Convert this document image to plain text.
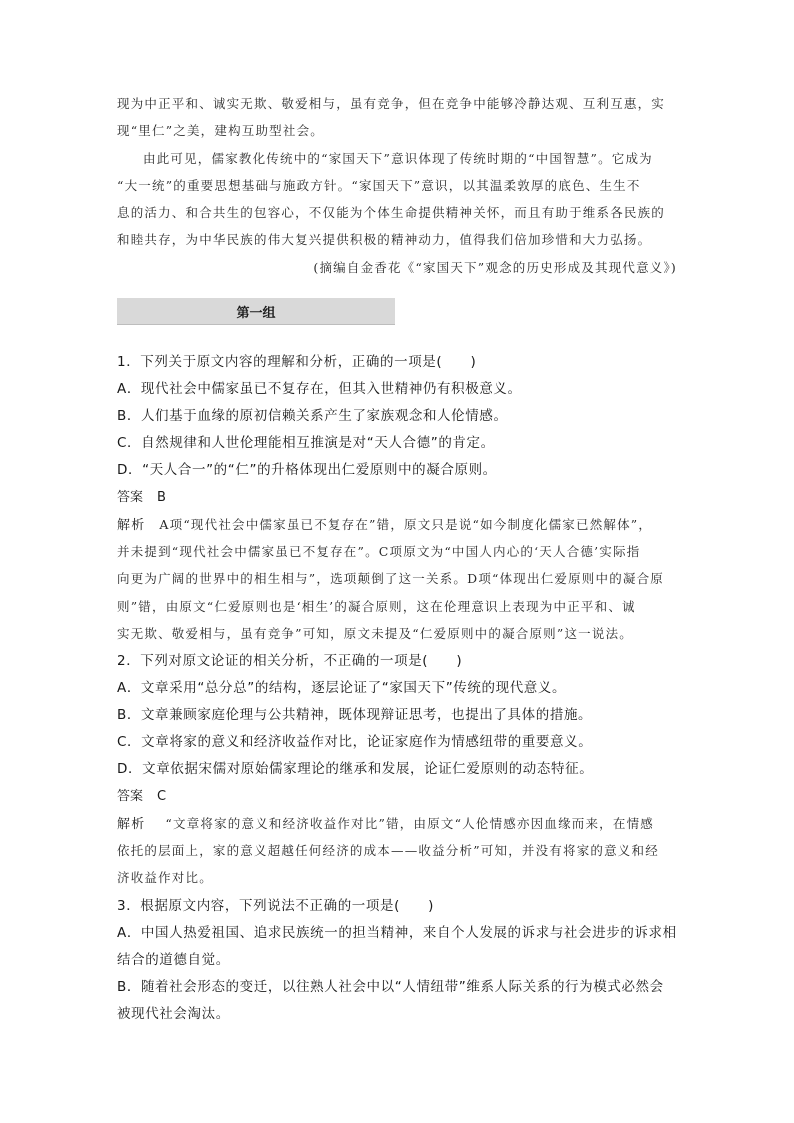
现为中正平和、诚实无欺、敬爱相与，虽有竞争，但在竞争中能够冷静达观、互利互惠，实
现“里仁”之美，建构互助型社会。
由此可见，儒家教化传统中的“家国天下”意识体现了传统时期的“中国智慧”。它成为
“大一统”的重要思想基础与施政方针。“家国天下”意识，以其温柔敦厚的底色、生生不
息的活力、和合共生的包容心，不仅能为个体生命提供精神关怀，而且有助于维系各民族的
和睦共存，为中华民族的伟大复兴提供积极的精神动力，值得我们倍加珍惜和大力弘扬。
(摘编自金香花《“家国天下”观念的历史形成及其现代意义》)
第一组
1．下列关于原文内容的理解和分析，正确的一项是(　　)
A．现代社会中儒家虽已不复存在，但其入世精神仍有积极意义。
B．人们基于血缘的原初信赖关系产生了家族观念和人伦情感。
C．自然规律和人世伦理能相互推演是对“天人合德”的肯定。
D．“天人合一”的“仁”的升格体现出仁爱原则中的凝合原则。
答案 B
解析 A项“现代社会中儒家虽已不复存在”错，原文只是说“如今制度化儒家已然解体”，
并未提到“现代社会中儒家虽已不复存在”。C项原文为“中国人内心的‘天人合德’实际指
向更为广阔的世界中的相生相与”，选项颠倒了这一关系。D项“体现出仁爱原则中的凝合原
则”错，由原文“仁爱原则也是‘相生’的凝合原则，这在伦理意识上表现为中正平和、诚
实无欺、敬爱相与，虽有竞争”可知，原文未提及“仁爱原则中的凝合原则”这一说法。
2．下列对原文论证的相关分析，不正确的一项是(　　)
A．文章采用“总分总”的结构，逐层论证了“家国天下”传统的现代意义。
B．文章兼顾家庭伦理与公共精神，既体现辩证思考，也提出了具体的措施。
C．文章将家的意义和经济收益作对比，论证家庭作为情感纽带的重要意义。
D．文章依据宋儒对原始儒家理论的继承和发展，论证仁爱原则的动态特征。
答案 C
解析 “文章将家的意义和经济收益作对比”错，由原文“人伦情感亦因血缘而来，在情感
依托的层面上，家的意义超越任何经济的成本——收益分析”可知，并没有将家的意义和经
济收益作对比。
3．根据原文内容，下列说法不正确的一项是(　　)
A．中国人热爱祖国、追求民族统一的担当精神，来自个人发展的诉求与社会进步的诉求相
结合的道德自觉。
B．随着社会形态的变迁，以往熟人社会中以“人情纽带”维系人际关系的行为模式必然会
被现代社会淘汰。
